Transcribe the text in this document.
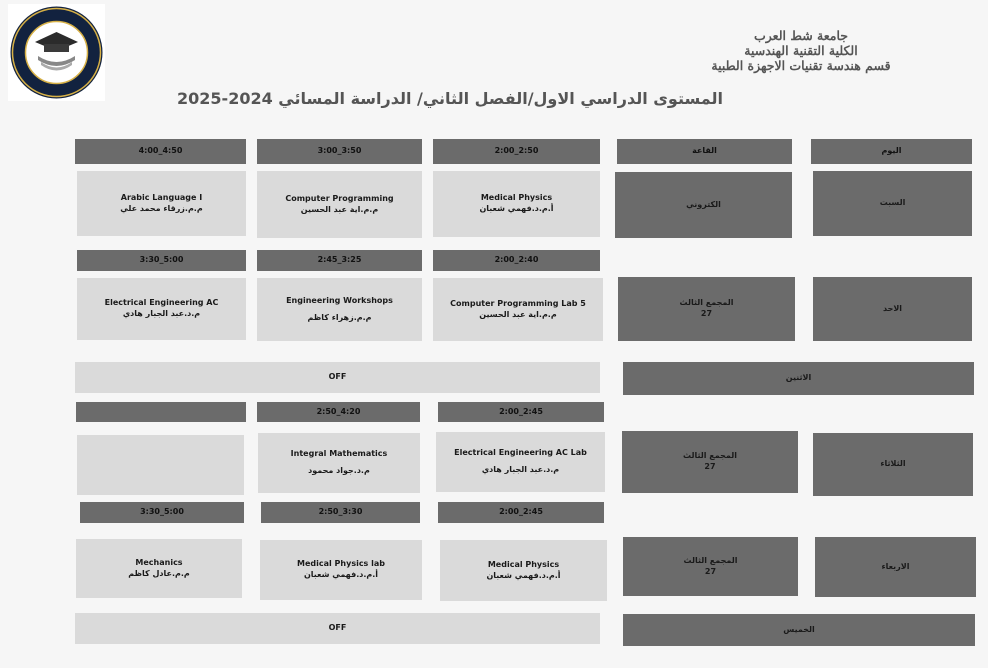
جامعة شط العرب
الكلية التقنية الهندسية
قسم هندسة تقنيات الاجهزة الطبية
المستوى الدراسي الاول/الفصل الثاني/ الدراسة المسائي 2024-2025
اليوم
القاعة
2:00_2:50
3:00_3:50
4:00_4:50
السبت
الكتروني
Medical Physics
أ.م.د.فهمي شعبان
Computer Programming
م.م.اية عبد الحسين
Arabic Language I
م.م.زرقاء محمد علي
2:00_2:40
2:45_3:25
3:30_5:00
الاحد
المجمع الثالث
27
Computer Programming Lab 5
م.م.اية عبد الحسين
Engineering Workshops
م.م.زهراء كاظم
Electrical Engineering AC
م.د.عبد الجبار هادي
الاثنين
OFF
2:00_2:45
2:50_4:20
الثلاثاء
المجمع الثالث
27
Electrical Engineering AC Lab
م.د.عبد الجبار هادي
Integral Mathematics
م.د.جواد محمود
2:00_2:45
2:50_3:30
3:30_5:00
الاربعاء
المجمع الثالث
27
Medical Physics
أ.م.د.فهمي شعبان
Medical Physics lab
أ.م.د.فهمي شعبان
Mechanics
م.م.عادل كاظم
الخميس
OFF
